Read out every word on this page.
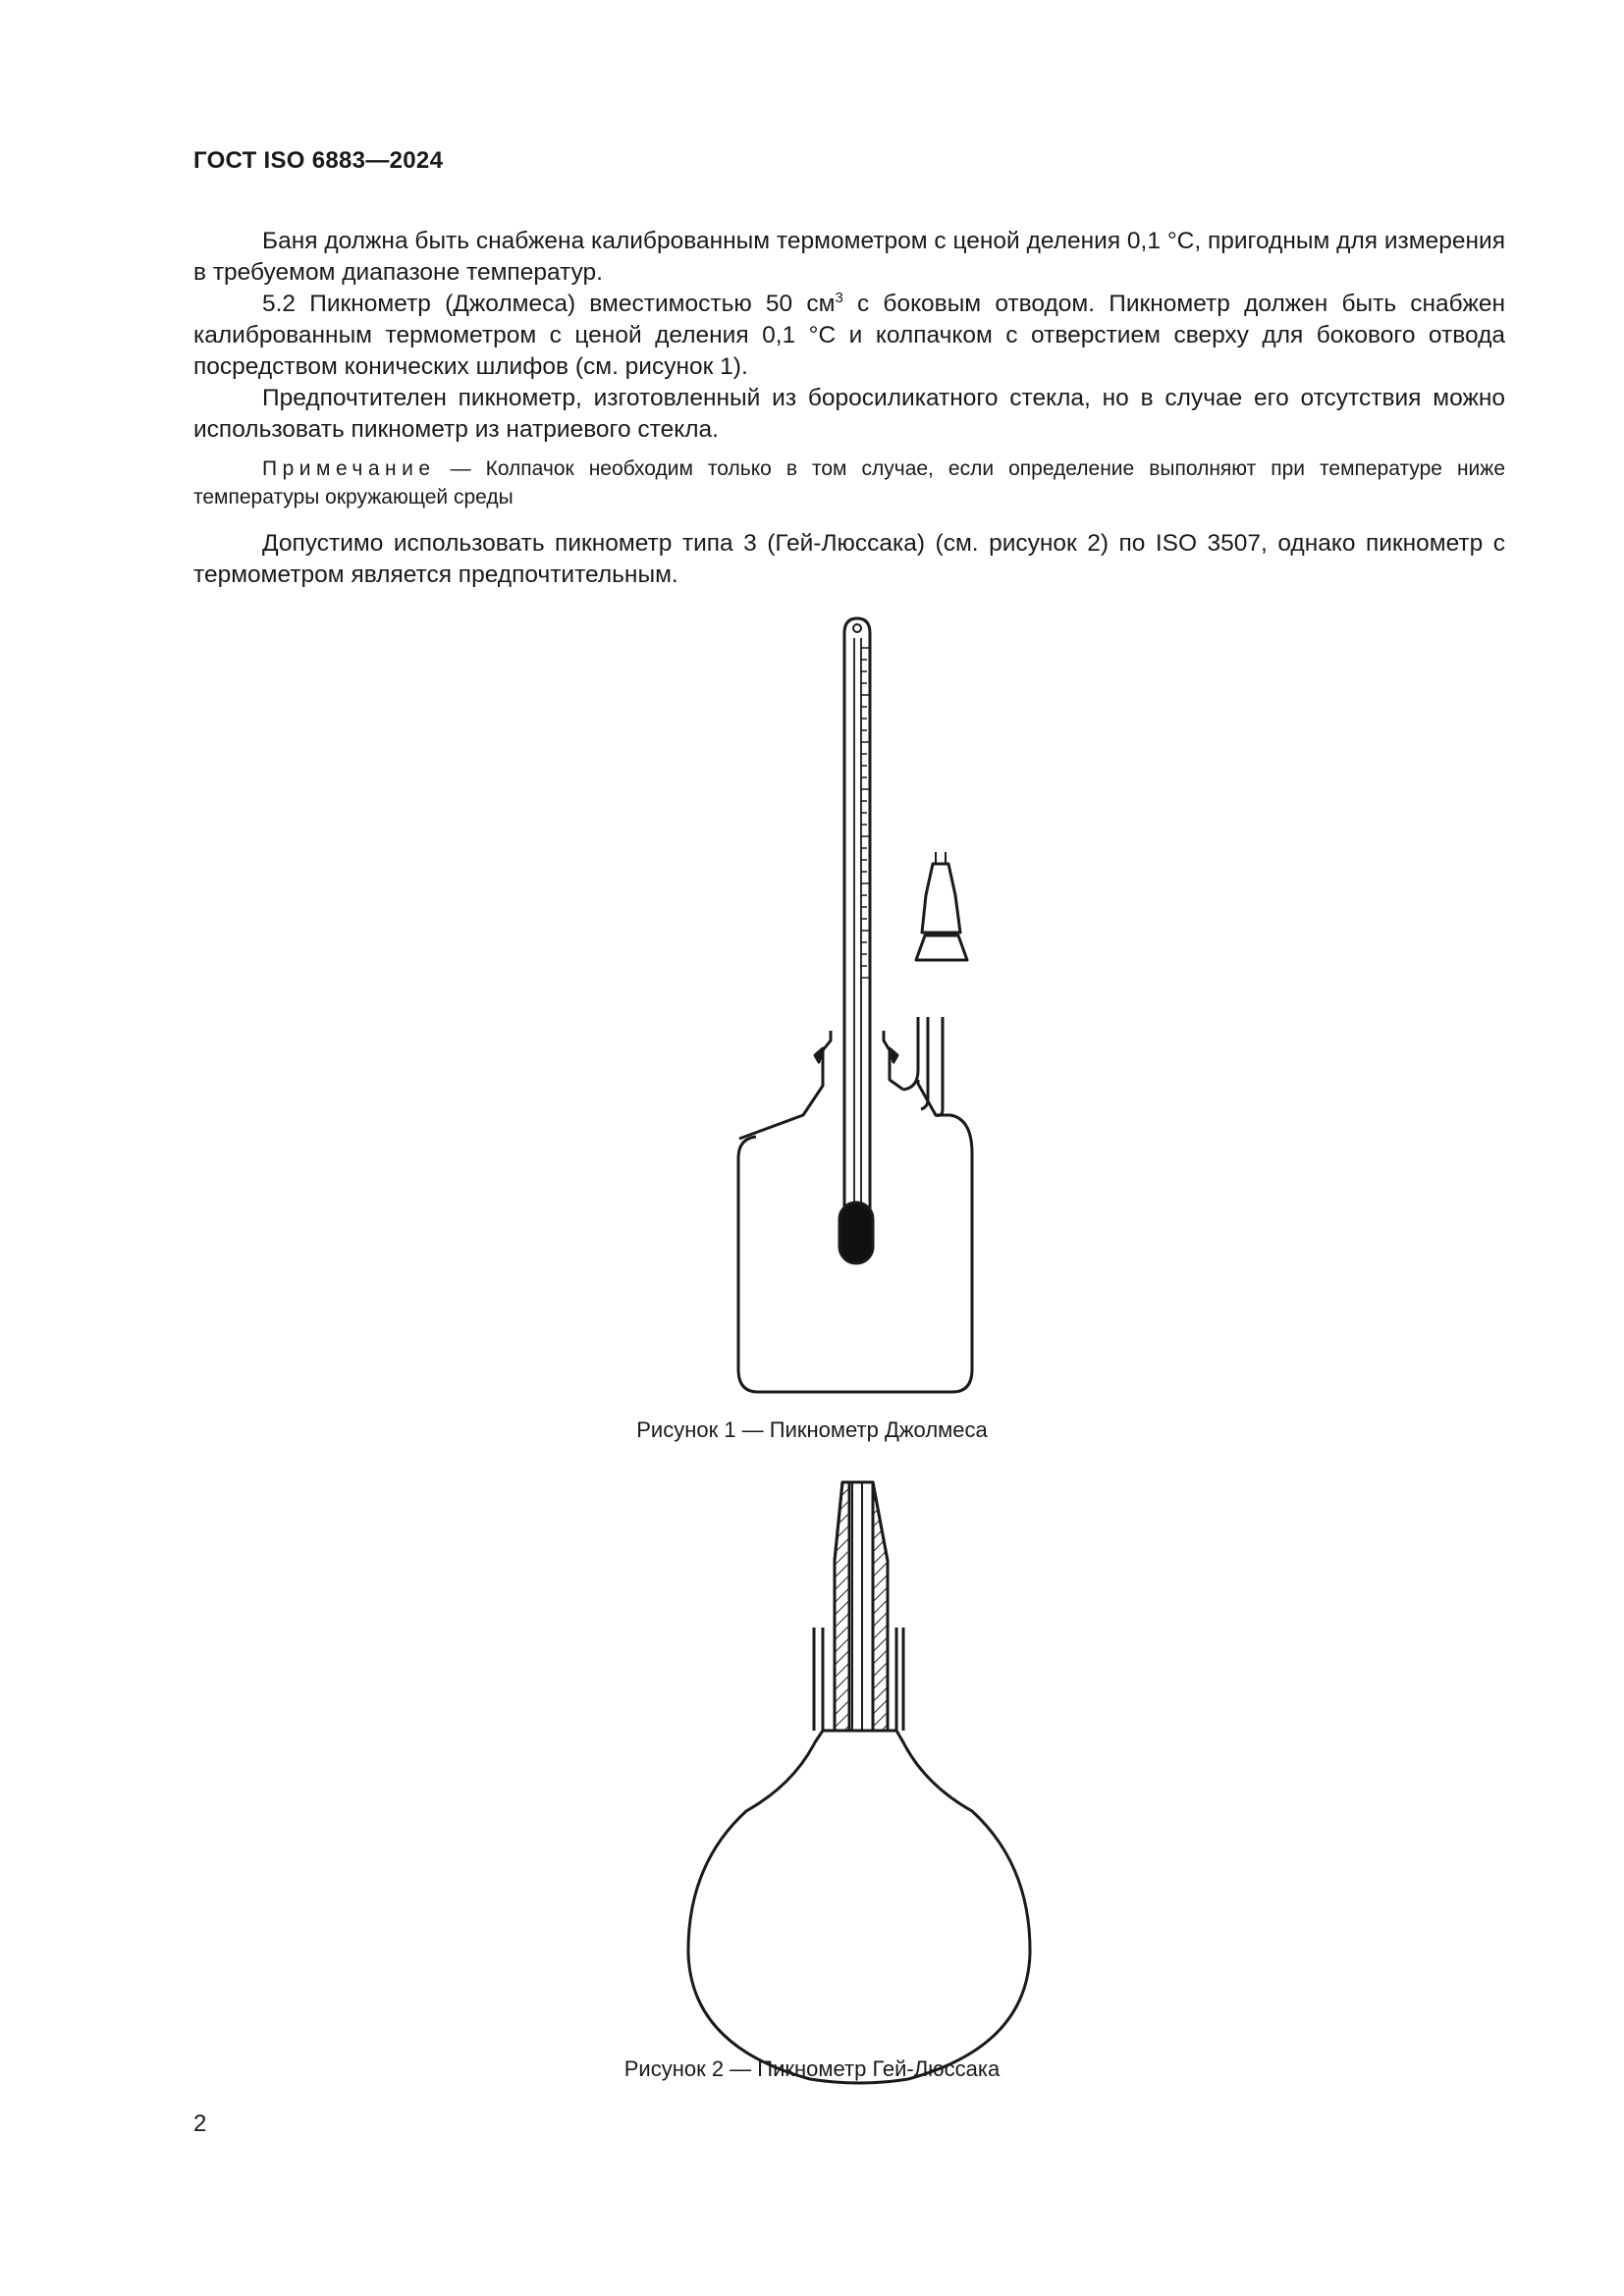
ГОСТ ISO 6883—2024

Баня должна быть снабжена калиброванным термометром с ценой деления 0,1 °С, пригодным для измерения в требуемом диапазоне температур.

5.2 Пикнометр (Джолмеса) вместимостью 50 $см^3$ с боковым отводом. Пикнометр должен быть снабжен калиброванным термометром с ценой деления 0,1 °С и колпачком с отверстием сверху для бокового отвода посредством конических шлифов (см. рисунок 1).

Предпочтителен пикнометр, изготовленный из боросиликатного стекла, но в случае его отсутствия можно использовать пикнометр из натриевого стекла.

Примечание — Колпачок необходим только в том случае, если определение выполняют при температуре ниже температуры окружающей среды

Допустимо использовать пикнометр типа 3 (Гей-Люссака) (см. рисунок 2) по ISO 3507, однако пикнометр с термометром является предпочтительным.

Рисунок 1 — Пикнометр Джолмеса
Рисунок 2 — Пикнометр Гей-Люссака
2
